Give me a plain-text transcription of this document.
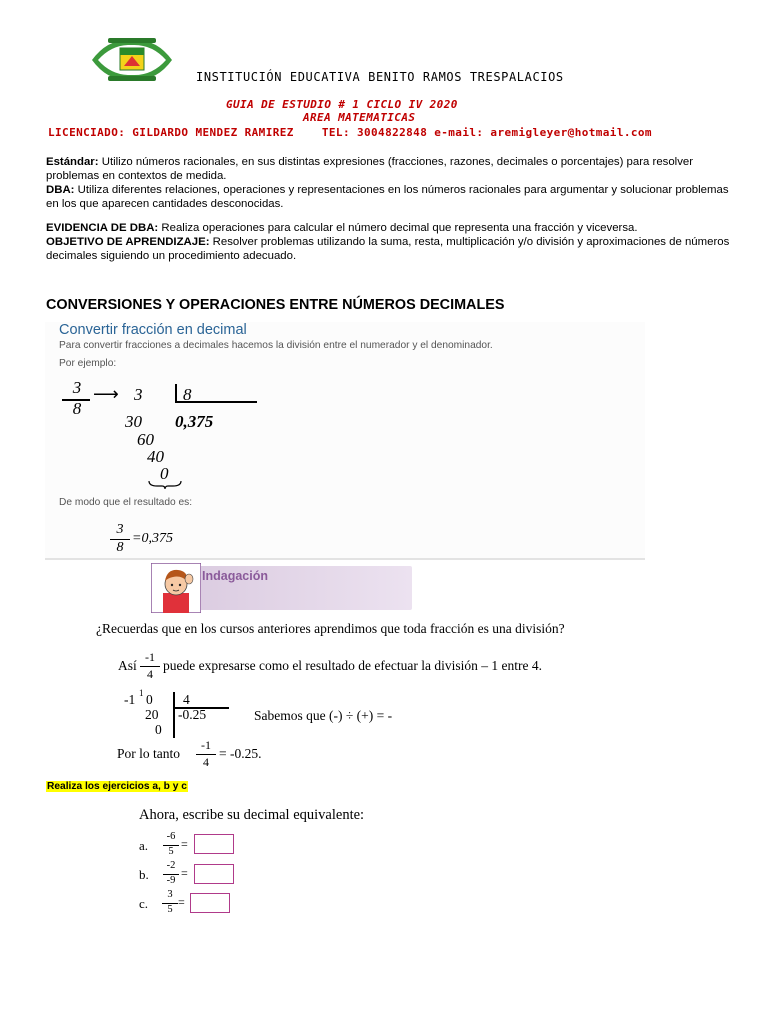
INSTITUCIÓN EDUCATIVA BENITO RAMOS TRESPALACIOS
GUIA DE ESTUDIO # 1 CICLO IV 2020
AREA MATEMATICAS
LICENCIADO: GILDARDO MENDEZ RAMIREZ    TEL: 3004822848 e-mail: aremigleyer@hotmail.com
Estándar: Utilizo números racionales, en sus distintas expresiones (fracciones, razones, decimales o porcentajes) para resolver problemas en contextos de medida.
DBA: Utiliza diferentes relaciones, operaciones y representaciones en los números racionales para argumentar y solucionar problemas en los que aparecen cantidades desconocidas.
EVIDENCIA DE DBA: Realiza operaciones para calcular el número decimal que representa una fracción y viceversa.
OBJETIVO DE APRENDIZAJE: Resolver problemas utilizando la suma, resta, multiplicación y/o división y aproximaciones de números decimales siguiendo un procedimiento adecuado.
CONVERSIONES Y OPERACIONES ENTRE NÚMEROS DECIMALES
Convertir fracción en decimal
Para convertir fracciones a decimales hacemos la división entre el numerador y el denominador.
Por ejemplo:
3
8
⟶ 3 8
30 0,375
60
40
0
De modo que el resultado es:
3
8
=0,375
Indagación
¿Recuerdas que en los cursos anteriores aprendimos que toda fracción es una división?
Así
-1
4
puede expresarse como el resultado de efectuar la división – 1 entre 4.
-1 1 0 4
20 -0.25
0
Sabemos que (-) ÷ (+) = -
Por lo tanto
-1
4
= -0.25.
Realiza los ejercicios a, b y c
Ahora, escribe su decimal equivalente:
a.
-6
5
=
b.
-2
-9
=
c.
3
5
=
